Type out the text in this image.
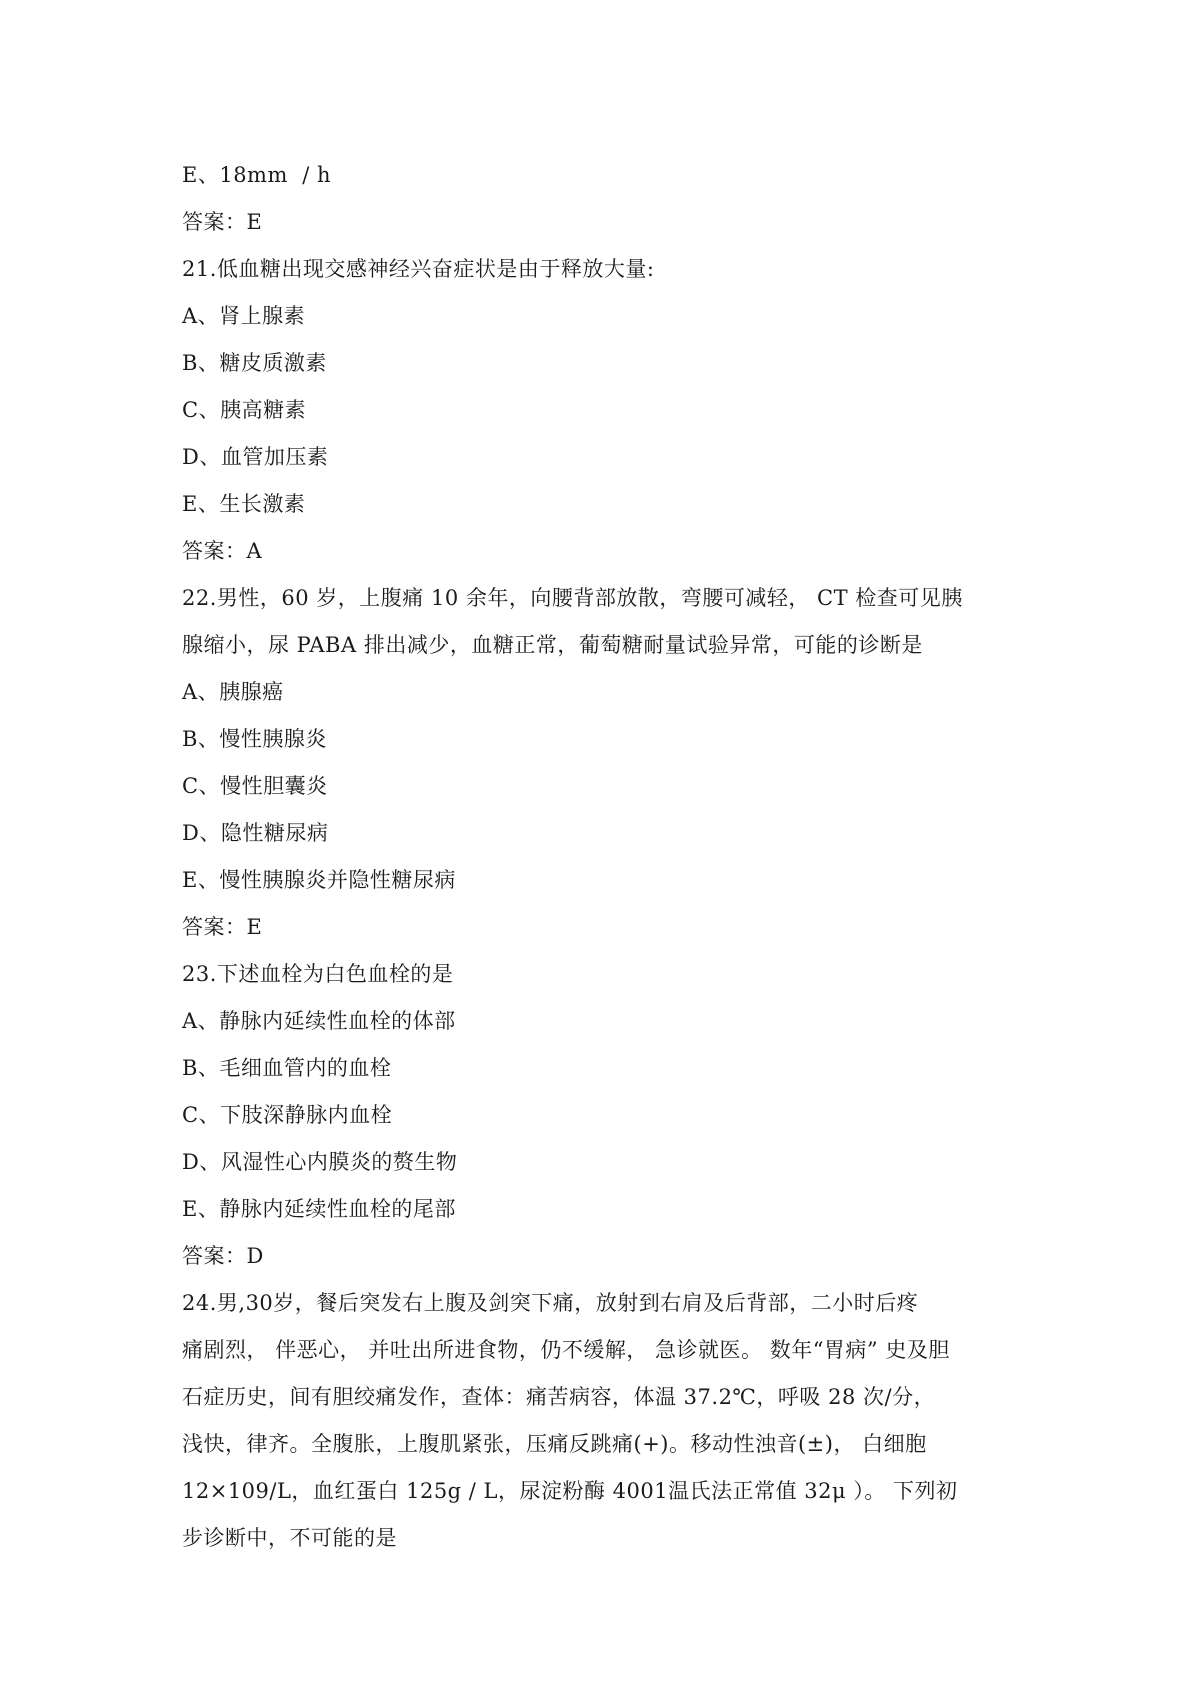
E、18mm  / h
答案：E
21.低血糖出现交感神经兴奋症状是由于释放大量:
A、肾上腺素
B、糖皮质激素
C、胰高糖素
D、血管加压素
E、生长激素
答案：A
22.男性，60 岁，上腹痛 10 余年，向腰背部放散，弯腰可减轻， CT 检查可见胰
腺缩小，尿 PABA 排出减少，血糖正常，葡萄糖耐量试验异常，可能的诊断是
A、胰腺癌
B、慢性胰腺炎
C、慢性胆囊炎
D、隐性糖尿病
E、慢性胰腺炎并隐性糖尿病
答案：E
23.下述血栓为白色血栓的是
A、静脉内延续性血栓的体部
B、毛细血管内的血栓
C、下肢深静脉内血栓
D、风湿性心内膜炎的赘生物
E、静脉内延续性血栓的尾部
答案：D
24.男,30岁，餐后突发右上腹及剑突下痛，放射到右肩及后背部，二小时后疼
痛剧烈， 伴恶心， 并吐出所进食物，仍不缓解， 急诊就医。 数年“胃病” 史及胆
石症历史，间有胆绞痛发作，查体：痛苦病容，体温 37.2℃，呼吸 28 次/分，
浅快，律齐。全腹胀，上腹肌紧张，压痛反跳痛(+)。移动性浊音(±)， 白细胞
12×109/L，血红蛋白 125g / L，尿淀粉酶 4001温氏法正常值 32μ ）。 下列初
步诊断中，不可能的是
